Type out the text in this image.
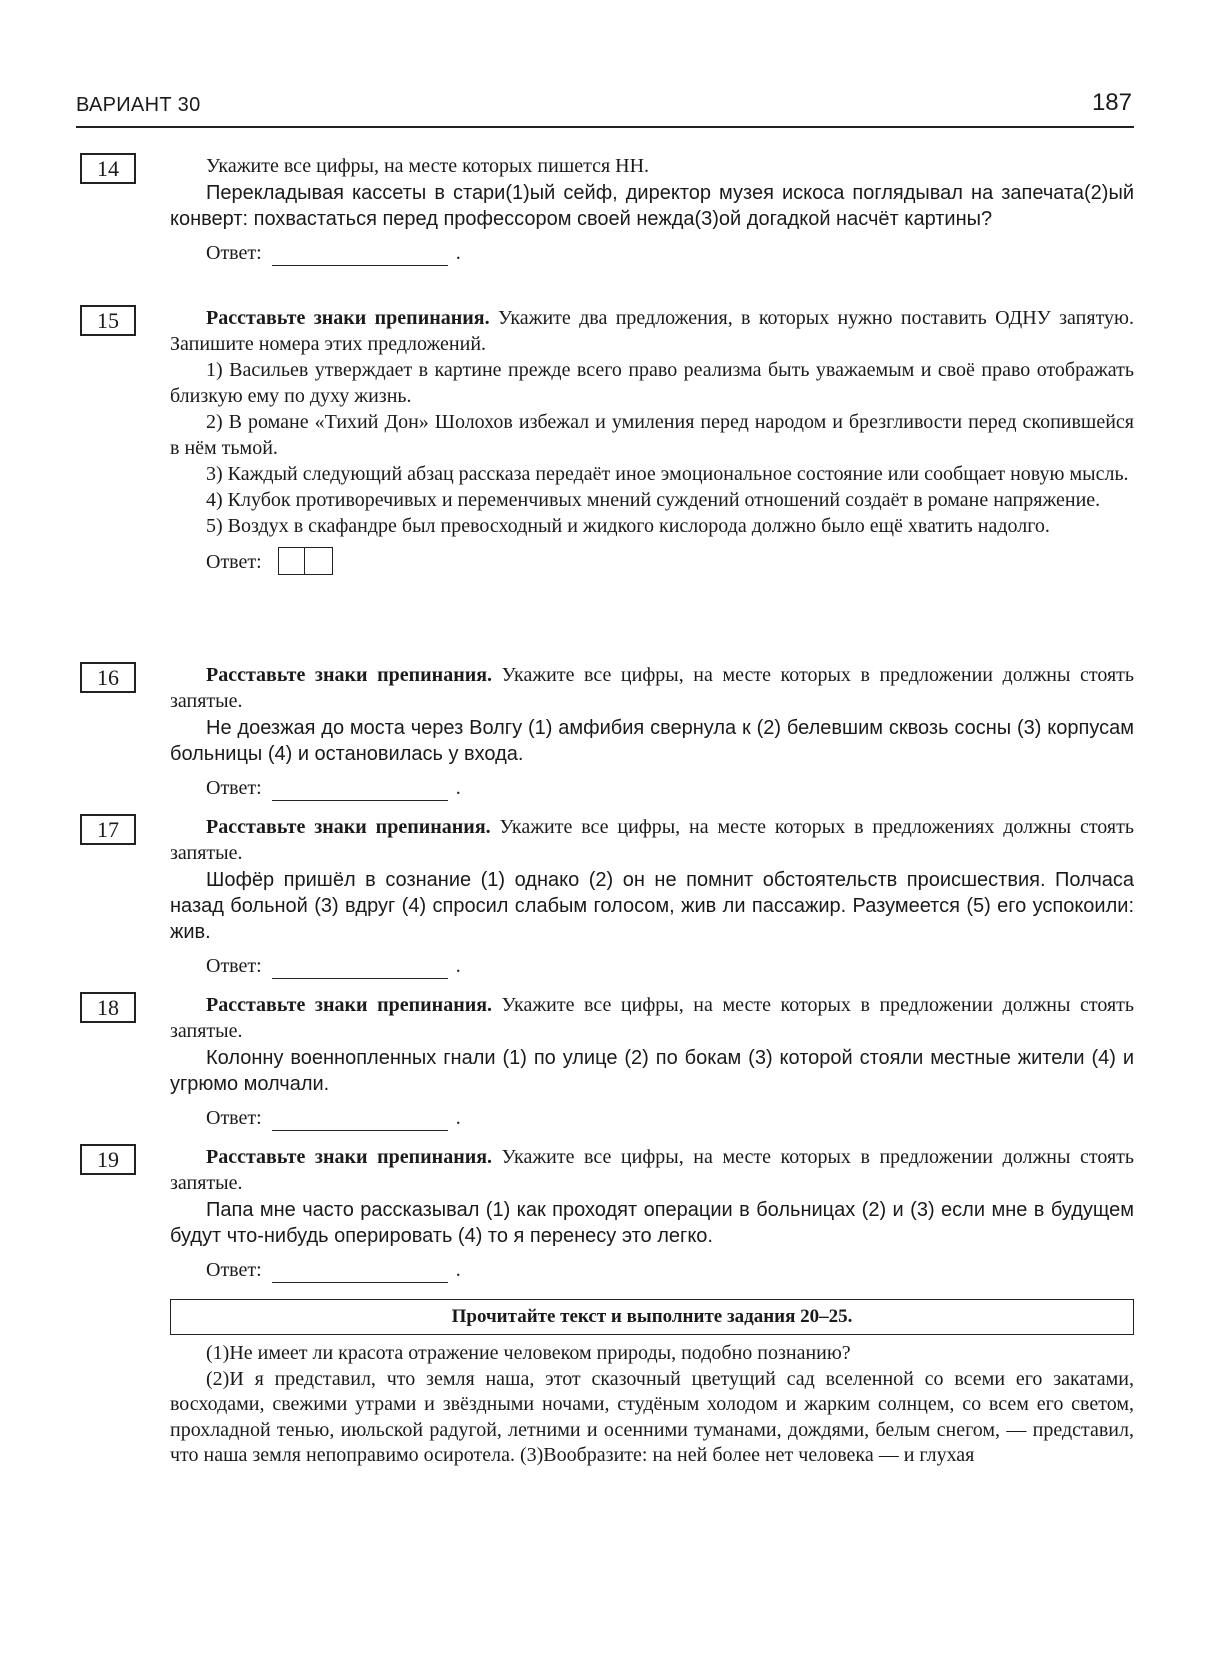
ВАРИАНТ 30	187
14	Укажите все цифры, на месте которых пишется НН.

Перекладывая кассеты в стари(1)ый сейф, директор музея искоса поглядывал на запечата(2)ый конверт: похвастаться перед профессором своей нежда(3)ой догадкой насчёт картины?

Ответ:	.
15	Расставьте знаки препинания. Укажите два предложения, в которых нужно поставить ОДНУ запятую. Запишите номера этих предложений.

1) Васильев утверждает в картине прежде всего право реализма быть уважаемым и своё право отображать близкую ему по духу жизнь.

2) В романе «Тихий Дон» Шолохов избежал и умиления перед народом и брезгливости перед скопившейся в нём тьмой.

3) Каждый следующий абзац рассказа передаёт иное эмоциональное состояние или сообщает новую мысль.

4) Клубок противоречивых и переменчивых мнений суждений отношений создаёт в романе напряжение.

5) Воздух в скафандре был превосходный и жидкого кислорода должно было ещё хватить надолго.

Ответ:
16	Расставьте знаки препинания. Укажите все цифры, на месте которых в предложении должны стоять запятые.

Не доезжая до моста через Волгу (1) амфибия свернула к (2) белевшим сквозь сосны (3) корпусам больницы (4) и остановилась у входа.

Ответ:	.
17	Расставьте знаки препинания. Укажите все цифры, на месте которых в предложениях должны стоять запятые.

Шофёр пришёл в сознание (1) однако (2) он не помнит обстоятельств происшествия. Полчаса назад больной (3) вдруг (4) спросил слабым голосом, жив ли пассажир. Разумеется (5) его успокоили: жив.

Ответ:	.
18	Расставьте знаки препинания. Укажите все цифры, на месте которых в предложении должны стоять запятые.

Колонну военнопленных гнали (1) по улице (2) по бокам (3) которой стояли местные жители (4) и угрюмо молчали.

Ответ:	.
19	Расставьте знаки препинания. Укажите все цифры, на месте которых в предложении должны стоять запятые.

Папа мне часто рассказывал (1) как проходят операции в больницах (2) и (3) если мне в будущем будут что-нибудь оперировать (4) то я перенесу это легко.

Ответ:	.
Прочитайте текст и выполните задания 20–25.

(1)Не имеет ли красота отражение человеком природы, подобно познанию?

(2)И я представил, что земля наша, этот сказочный цветущий сад вселенной со всеми его закатами, восходами, свежими утрами и звёздными ночами, студёным холодом и жарким солнцем, со всем его светом, прохладной тенью, июльской радугой, летними и осенними туманами, дождями, белым снегом, — представил, что наша земля непоправимо осиротела. (3)Вообразите: на ней более нет человека — и глухая
